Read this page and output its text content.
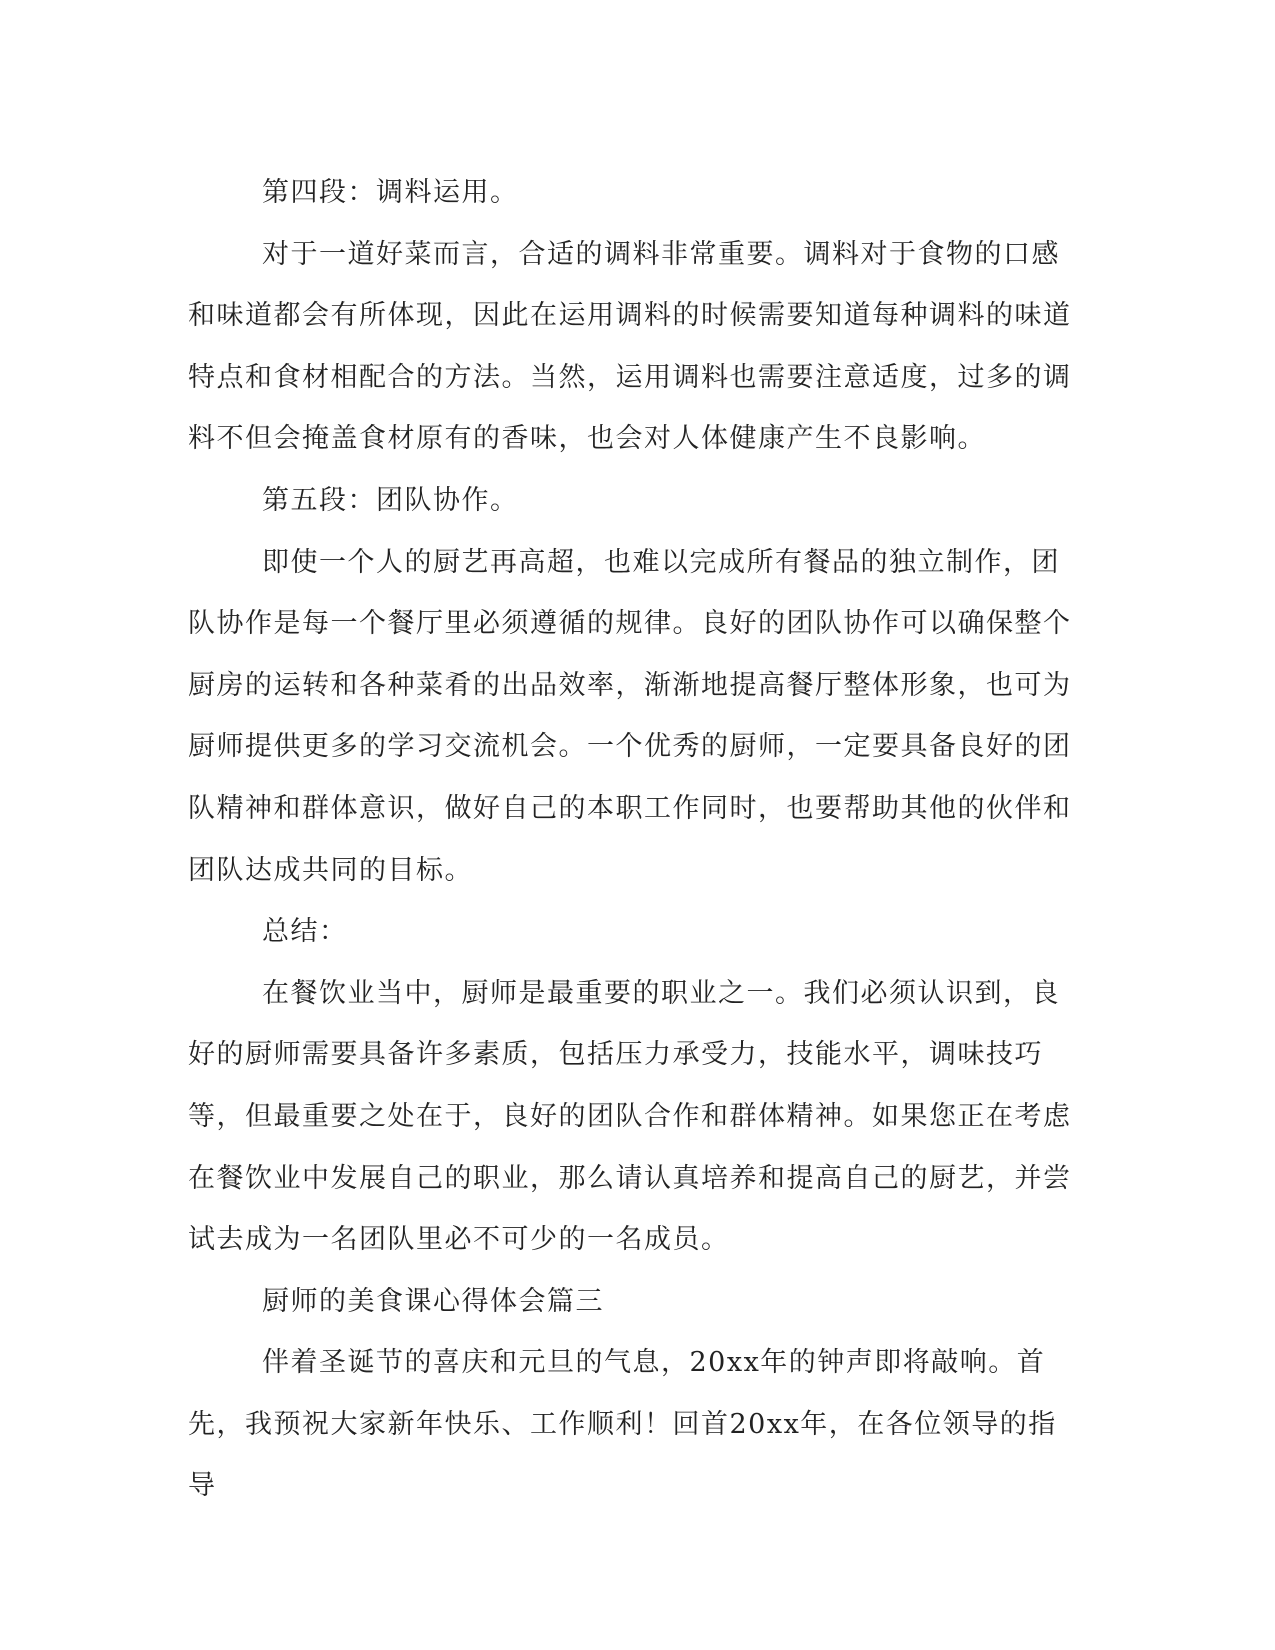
第四段：调料运用。

对于一道好菜而言，合适的调料非常重要。调料对于食物的口感和味道都会有所体现，因此在运用调料的时候需要知道每种调料的味道特点和食材相配合的方法。当然，运用调料也需要注意适度，过多的调料不但会掩盖食材原有的香味，也会对人体健康产生不良影响。

第五段：团队协作。

即使一个人的厨艺再高超，也难以完成所有餐品的独立制作，团队协作是每一个餐厅里必须遵循的规律。良好的团队协作可以确保整个厨房的运转和各种菜肴的出品效率，渐渐地提高餐厅整体形象，也可为厨师提供更多的学习交流机会。一个优秀的厨师，一定要具备良好的团队精神和群体意识，做好自己的本职工作同时，也要帮助其他的伙伴和团队达成共同的目标。

总结：

在餐饮业当中，厨师是最重要的职业之一。我们必须认识到，良好的厨师需要具备许多素质，包括压力承受力，技能水平，调味技巧等，但最重要之处在于，良好的团队合作和群体精神。如果您正在考虑在餐饮业中发展自己的职业，那么请认真培养和提高自己的厨艺，并尝试去成为一名团队里必不可少的一名成员。

厨师的美食课心得体会篇三

伴着圣诞节的喜庆和元旦的气息，20xx年的钟声即将敲响。首先，我预祝大家新年快乐、工作顺利！回首20xx年，在各位领导的指导
